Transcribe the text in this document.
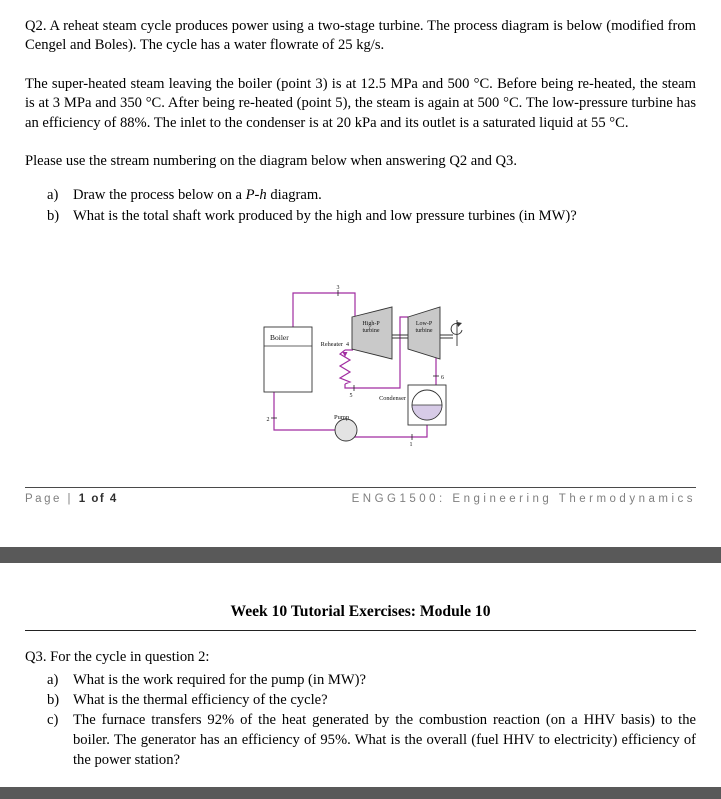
Q2. A reheat steam cycle produces power using a two-stage turbine. The process diagram is below (modified from Cengel and Boles). The cycle has a water flowrate of 25 kg/s.

The super-heated steam leaving the boiler (point 3) is at 12.5 MPa and 500 °C. Before being re-heated, the steam is at 3 MPa and 350 °C. After being re-heated (point 5), the steam is again at 500 °C. The low-pressure turbine has an efficiency of 88%. The inlet to the condenser is at 20 kPa and its outlet is a saturated liquid at 55 °C.

Please use the stream numbering on the diagram below when answering Q2 and Q3.

a)	Draw the process below on a P-h diagram.
b) What is the total shaft work produced by the high and low pressure turbines (in MW)?
Boiler
High-P
turbine
Low-P
turbine
Reheater 4
Condenser
Pump
3
5
6
1
2
Page | 1 of 4	ENGG1500: Engineering Thermodynamics
Week 10 Tutorial Exercises: Module 10

Q3. For the cycle in question 2:

a)	What is the work required for the pump (in MW)?
b) What is the thermal efficiency of the cycle?
c)	The furnace transfers 92% of the heat generated by the combustion reaction (on a HHV basis) to the boiler. The generator has an efficiency of 95%. What is the overall (fuel HHV to electricity) efficiency of the power station?
